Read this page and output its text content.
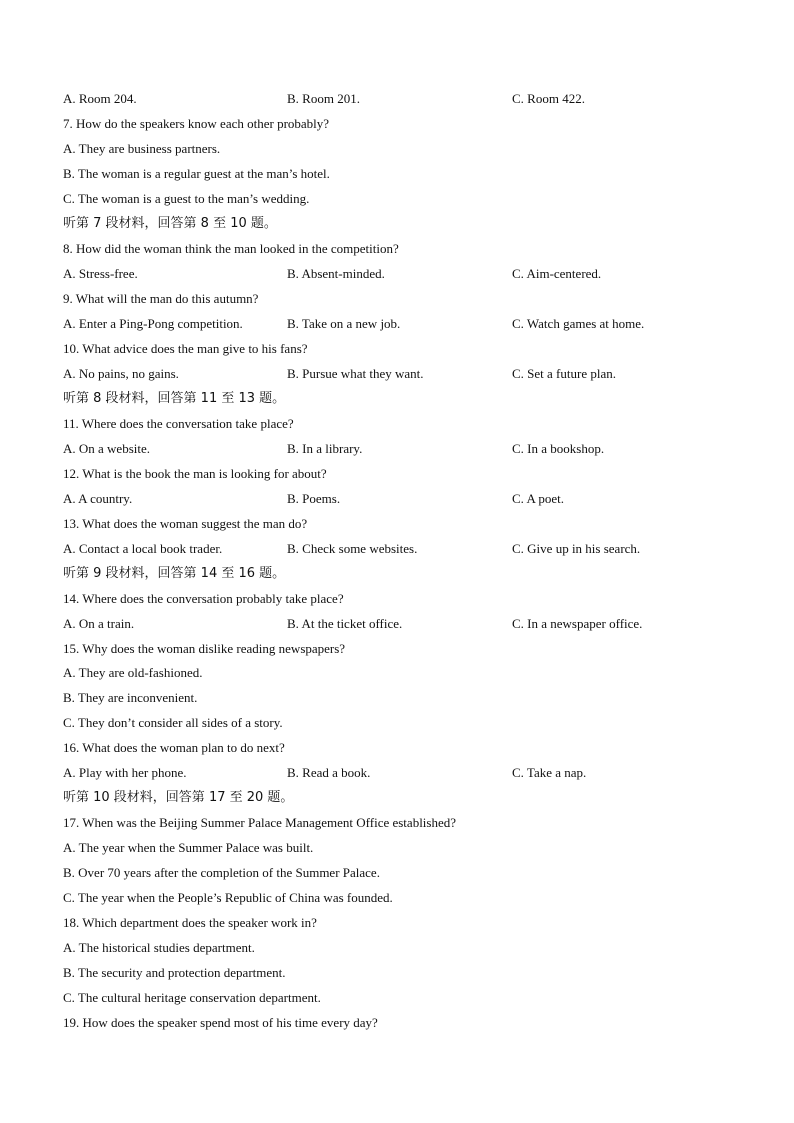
A. Room 204.	B. Room 201.	C. Room 422.
7. How do the speakers know each other probably?
A. They are business partners.
B. The woman is a regular guest at the man’s hotel.
C. The woman is a guest to the man’s wedding.
听第 7 段材料，回答第 8 至 10 题。
8. How did the woman think the man looked in the competition?
A. Stress-free.	B. Absent-minded.	C. Aim-centered.
9. What will the man do this autumn?
A. Enter a Ping-Pong competition.	B. Take on a new job.	C. Watch games at home.
10. What advice does the man give to his fans?
A. No pains, no gains.	B. Pursue what they want.	C. Set a future plan.
听第 8 段材料，回答第 11 至 13 题。
11. Where does the conversation take place?
A. On a website.	B. In a library.	C. In a bookshop.
12. What is the book the man is looking for about?
A. A country.	B. Poems.	C. A poet.
13. What does the woman suggest the man do?
A. Contact a local book trader.	B. Check some websites.	C. Give up in his search.
听第 9 段材料，回答第 14 至 16 题。
14. Where does the conversation probably take place?
A. On a train.	B. At the ticket office.	C. In a newspaper office.
15. Why does the woman dislike reading newspapers?
A. They are old-fashioned.
B. They are inconvenient.
C. They don’t consider all sides of a story.
16. What does the woman plan to do next?
A. Play with her phone.	B. Read a book.	C. Take a nap.
听第 10 段材料，回答第 17 至 20 题。
17. When was the Beijing Summer Palace Management Office established?
A. The year when the Summer Palace was built.
B. Over 70 years after the completion of the Summer Palace.
C. The year when the People’s Republic of China was founded.
18. Which department does the speaker work in?
A. The historical studies department.
B. The security and protection department.
C. The cultural heritage conservation department.
19. How does the speaker spend most of his time every day?
